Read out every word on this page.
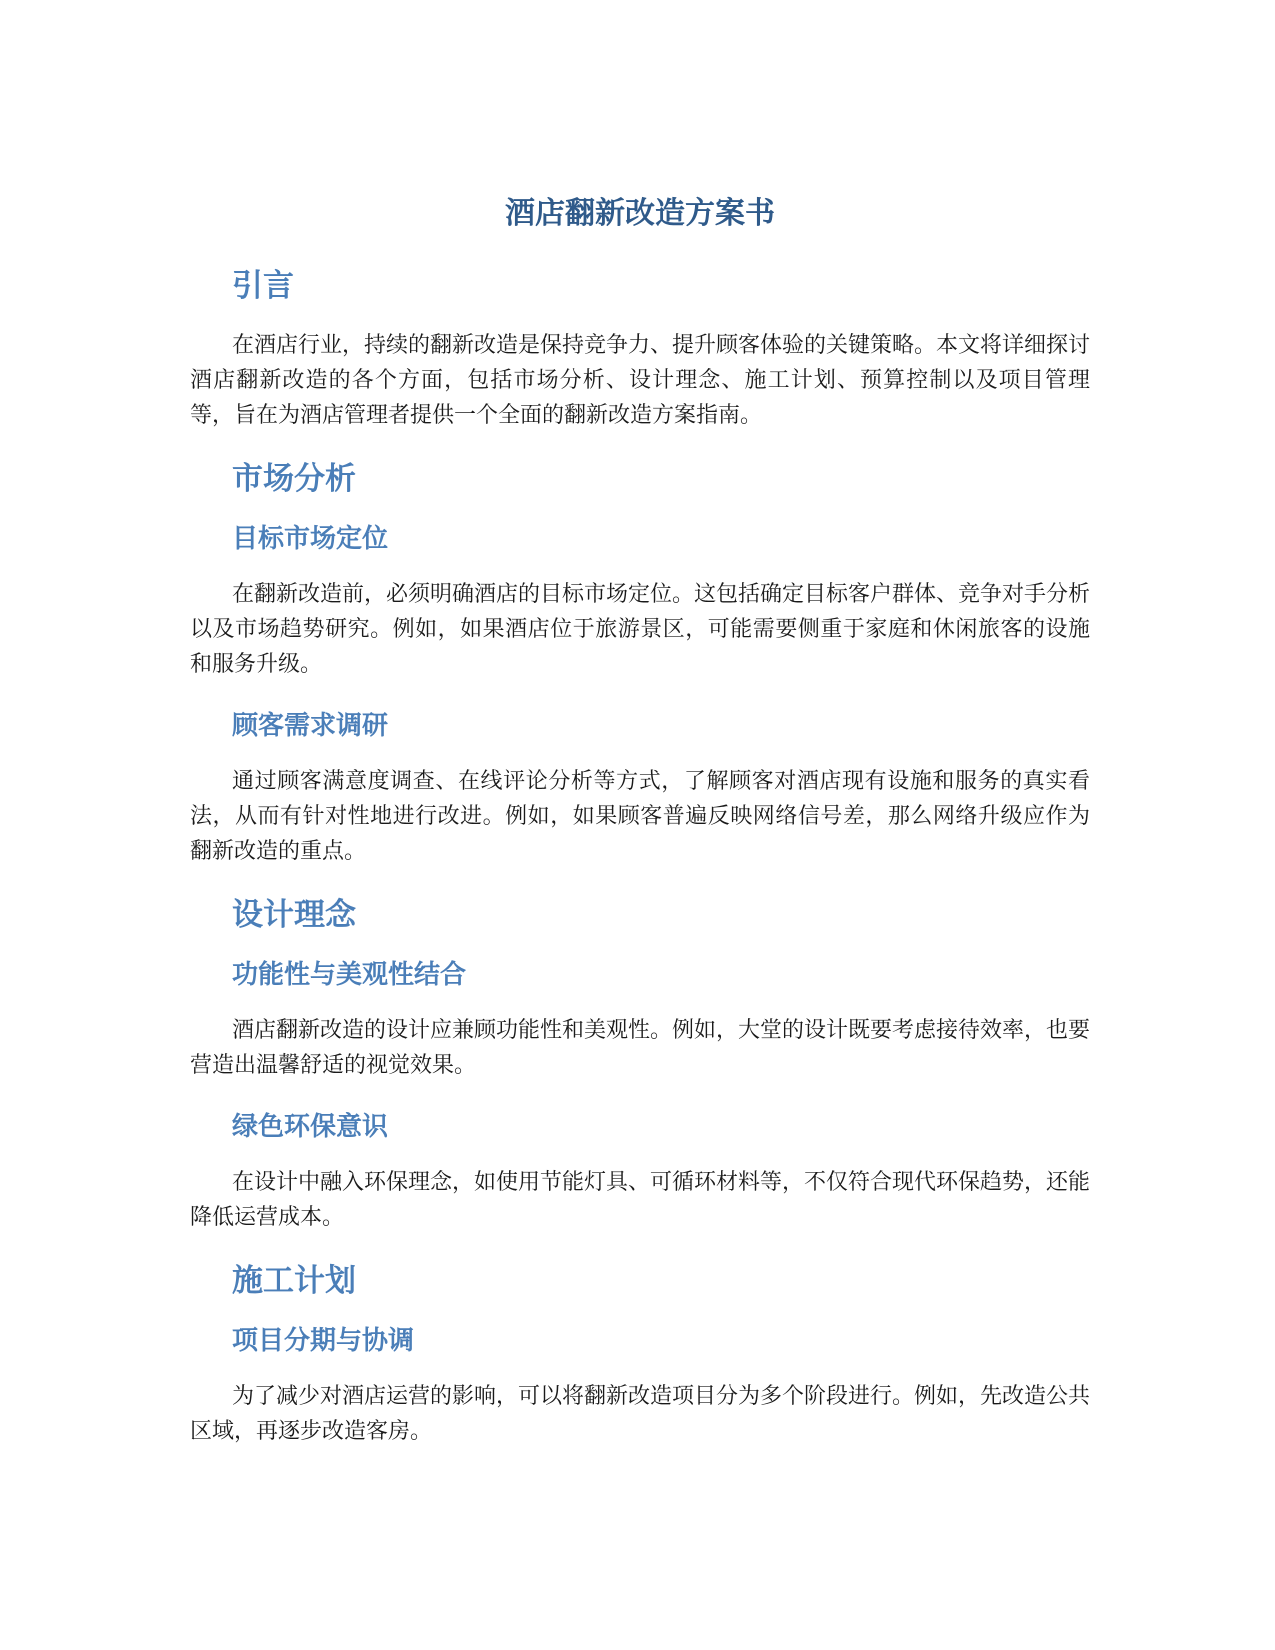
酒店翻新改造方案书
引言

在酒店行业，持续的翻新改造是保持竞争力、提升顾客体验的关键策略。本文将详细探讨酒店翻新改造的各个方面，包括市场分析、设计理念、施工计划、预算控制以及项目管理等，旨在为酒店管理者提供一个全面的翻新改造方案指南。

市场分析
目标市场定位

在翻新改造前，必须明确酒店的目标市场定位。这包括确定目标客户群体、竞争对手分析以及市场趋势研究。例如，如果酒店位于旅游景区，可能需要侧重于家庭和休闲旅客的设施和服务升级。

顾客需求调研

通过顾客满意度调查、在线评论分析等方式，了解顾客对酒店现有设施和服务的真实看法，从而有针对性地进行改进。例如，如果顾客普遍反映网络信号差，那么网络升级应作为翻新改造的重点。

设计理念
功能性与美观性结合

酒店翻新改造的设计应兼顾功能性和美观性。例如，大堂的设计既要考虑接待效率，也要营造出温馨舒适的视觉效果。

绿色环保意识

在设计中融入环保理念，如使用节能灯具、可循环材料等，不仅符合现代环保趋势，还能降低运营成本。

施工计划
项目分期与协调

为了减少对酒店运营的影响，可以将翻新改造项目分为多个阶段进行。例如，先改造公共区域，再逐步改造客房。
